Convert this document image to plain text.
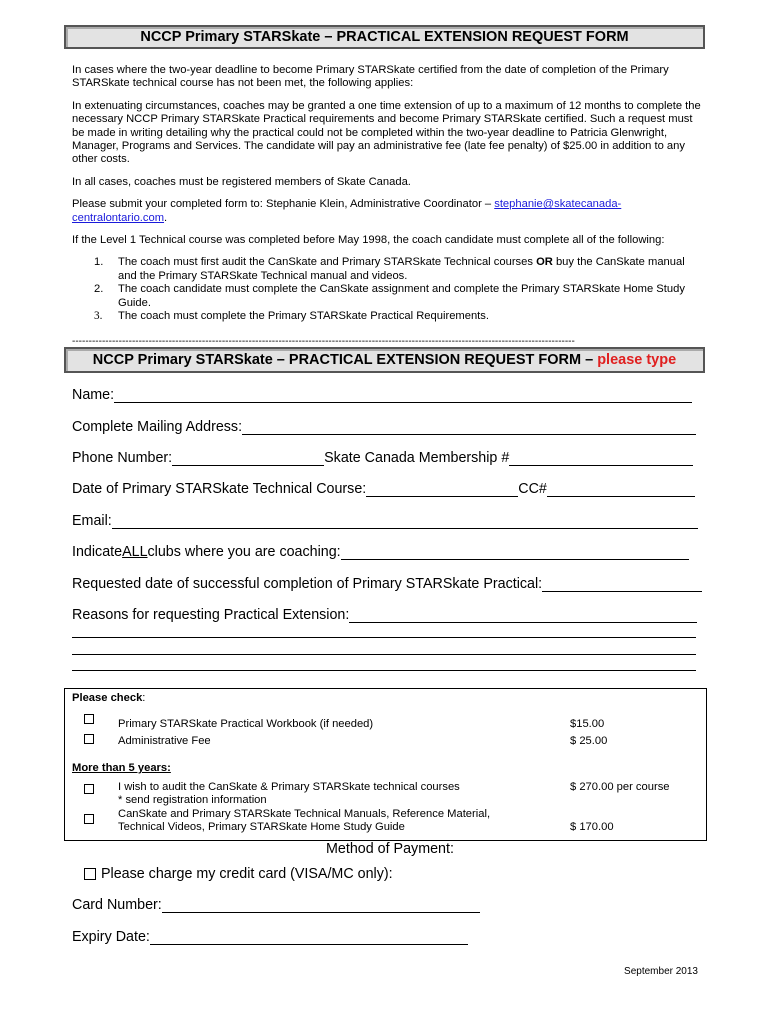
NCCP Primary STARSkate – PRACTICAL EXTENSION REQUEST FORM

In cases where the two-year deadline to become Primary STARSkate certified from the date of completion of the Primary STARSkate technical course has not been met, the following applies:

In extenuating circumstances, coaches may be granted a one time extension of up to a maximum of 12 months to complete the necessary NCCP Primary STARSkate Practical requirements and become Primary STARSkate certified. Such a request must be made in writing detailing why the practical could not be completed within the two-year deadline to Patricia Glenwright, Manager, Programs and Services. The candidate will pay an administrative fee (late fee penalty) of $25.00 in addition to any other costs.

In all cases, coaches must be registered members of Skate Canada.

Please submit your completed form to: Stephanie Klein, Administrative Coordinator – stephanie@skatecanada-centralontario.com.

If the Level 1 Technical course was completed before May 1998, the coach candidate must complete all of the following:

1. The coach must first audit the CanSkate and Primary STARSkate Technical courses OR buy the CanSkate manual and the Primary STARSkate Technical manual and videos.
2. The coach candidate must complete the CanSkate assignment and complete the Primary STARSkate Home Study Guide.
3. The coach must complete the Primary STARSkate Practical Requirements.
-------------------------------------------------------------------------------------------------------------------------------------------------------
NCCP Primary STARSkate – PRACTICAL EXTENSION REQUEST FORM – please type
Name:
Complete Mailing Address:
Phone Number:	Skate Canada Membership #
Date of Primary STARSkate Technical Course:	CC#
Email:
Indicate ALL clubs where you are coaching:
Requested date of successful completion of Primary STARSkate Practical:
Reasons for requesting Practical Extension:
Please check:
Primary STARSkate Practical Workbook (if needed)	$15.00
Administrative Fee	$ 25.00
More than 5 years:
I wish to audit the CanSkate & Primary STARSkate technical courses
* send registration information
$ 270.00 per course
CanSkate and Primary STARSkate Technical Manuals, Reference Material,
Technical Videos, Primary STARSkate Home Study Guide	$ 170.00
Method of Payment:
Please charge my credit card (VISA/MC only):
Card Number:
Expiry Date:
September 2013
